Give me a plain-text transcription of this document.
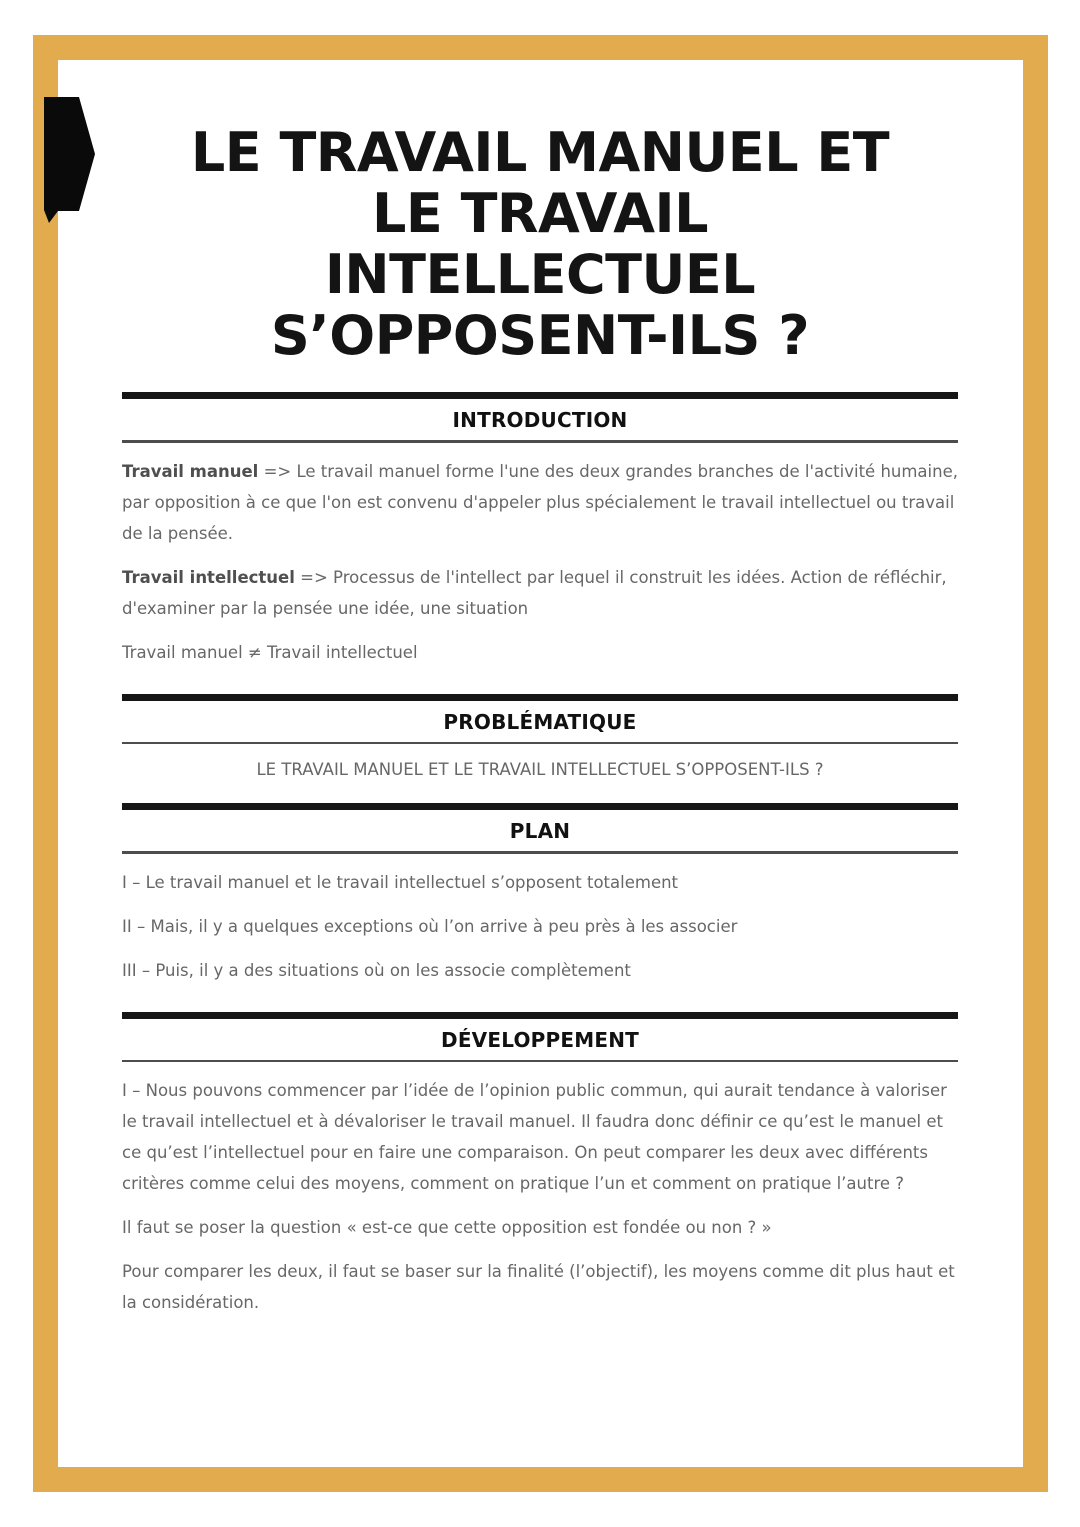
LE TRAVAIL MANUEL ET
LE TRAVAIL
INTELLECTUEL
S’OPPOSENT-ILS ?
INTRODUCTION

Travail manuel => Le travail manuel forme l'une des deux grandes branches de l'activité humaine, par opposition à ce que l'on est convenu d'appeler plus spécialement le travail intellectuel ou travail de la pensée.

Travail intellectuel => Processus de l'intellect par lequel il construit les idées. Action de réfléchir, d'examiner par la pensée une idée, une situation

Travail manuel ≠ Travail intellectuel

PROBLÉMATIQUE

LE TRAVAIL MANUEL ET LE TRAVAIL INTELLECTUEL S’OPPOSENT-ILS ?

PLAN
I – Le travail manuel et le travail intellectuel s’opposent totalement
II – Mais, il y a quelques exceptions où l’on arrive à peu près à les associer
III – Puis, il y a des situations où on les associe complètement
DÉVELOPPEMENT

I – Nous pouvons commencer par l’idée de l’opinion public commun, qui aurait tendance à valoriser le travail intellectuel et à dévaloriser le travail manuel. Il faudra donc définir ce qu’est le manuel et ce qu’est l’intellectuel pour en faire une comparaison. On peut comparer les deux avec différents critères comme celui des moyens, comment on pratique l’un et comment on pratique l’autre ?

Il faut se poser la question « est-ce que cette opposition est fondée ou non ? »

Pour comparer les deux, il faut se baser sur la finalité (l’objectif), les moyens comme dit plus haut et la considération.
